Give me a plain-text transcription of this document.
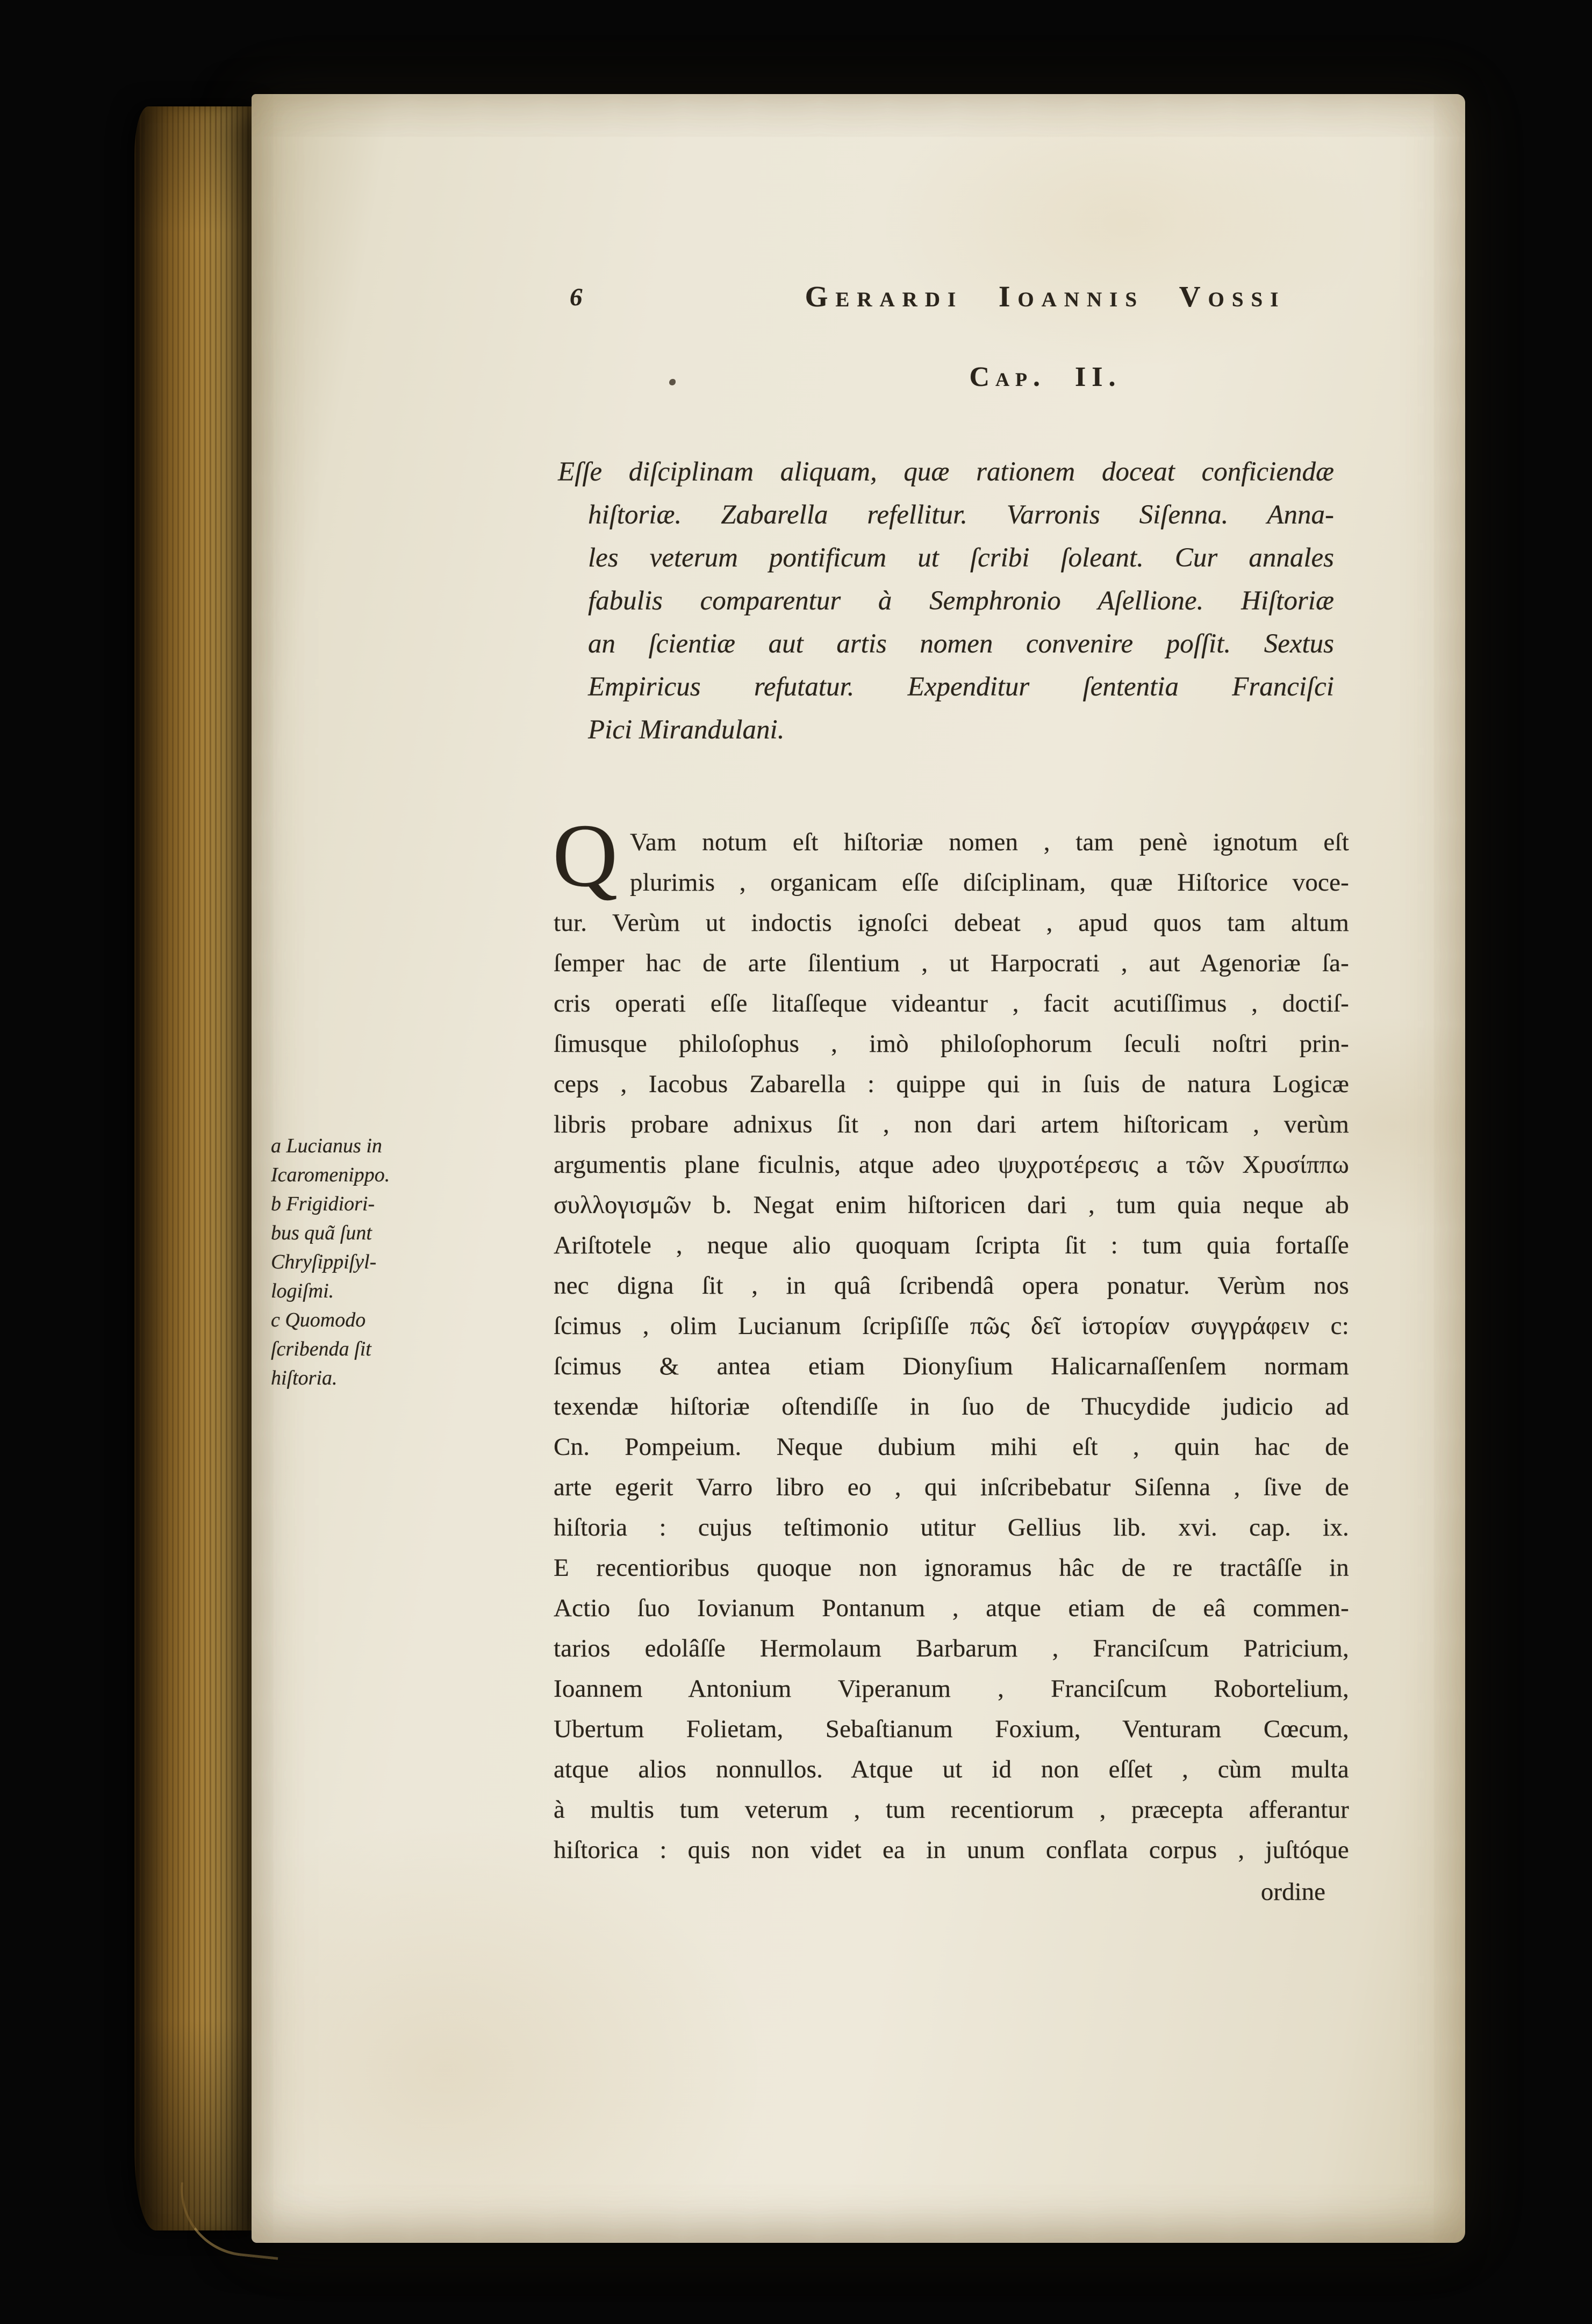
6	Gerardi Ioannis Vossi
Cap. II.
Eſſe diſciplinam aliquam, quæ rationem doceat conficiendæ
hiſtoriæ. Zabarella refellitur. Varronis Siſenna. Anna-
les veterum pontificum ut ſcribi ſoleant. Cur annales
fabulis comparentur à Semphronio Aſellione. Hiſtoriæ
an ſcientiæ aut artis nomen convenire poſſit. Sextus
Empiricus refutatur. Expenditur ſententia Franciſci
Pici Mirandulani.
Q Vam notum eſt hiſtoriæ nomen , tam penè ignotum eſt
plurimis , organicam eſſe diſciplinam, quæ Hiſtorice voce-
tur. Verùm ut indoctis ignoſci debeat , apud quos tam altum
ſemper hac de arte ſilentium , ut Harpocrati , aut Agenoriæ ſa-
cris operati eſſe litaſſeque videantur , facit acutiſſimus , doctiſ-
ſimusque philoſophus , imò philoſophorum ſeculi noſtri prin-
ceps , Iacobus Zabarella : quippe qui in ſuis de natura Logicæ
libris probare adnixus ſit , non dari artem hiſtoricam , verùm
argumentis plane ficulnis, atque adeo ψυχροτέρεσις a τῶν Χρυσίππω
συλλογισμῶν b. Negat enim hiſtoricen dari , tum quia neque ab
Ariſtotele , neque alio quoquam ſcripta ſit : tum quia fortaſſe
nec digna ſit , in quâ ſcribendâ opera ponatur. Verùm nos
ſcimus , olim Lucianum ſcripſiſſe πῶς δεῖ ἱστορίαν συγγράφειν c:
ſcimus & antea etiam Dionyſium Halicarnaſſenſem normam
texendæ hiſtoriæ oſtendiſſe in ſuo de Thucydide judicio ad
Cn. Pompeium. Neque dubium mihi eſt , quin hac de
arte egerit Varro libro eo , qui inſcribebatur Siſenna , ſive de
hiſtoria : cujus teſtimonio utitur Gellius lib. xvi. cap. ix.
E recentioribus quoque non ignoramus hâc de re tractâſſe in
Actio ſuo Iovianum Pontanum , atque etiam de eâ commen-
tarios edolâſſe Hermolaum Barbarum , Franciſcum Patricium,
Ioannem Antonium Viperanum , Franciſcum Robortelium,
Ubertum Folietam, Sebaſtianum Foxium, Venturam Cœcum,
atque alios nonnullos. Atque ut id non eſſet , cùm multa
à multis tum veterum , tum recentiorum , præcepta afferantur
hiſtorica : quis non videt ea in unum conflata corpus , juſtóque
a Lucianus in
Icaromenippo.
b Frigidiori-
bus quã ſunt
Chryſippiſyl-
logiſmi.
c Quomodo
ſcribenda ſit
hiſtoria.
ordine
